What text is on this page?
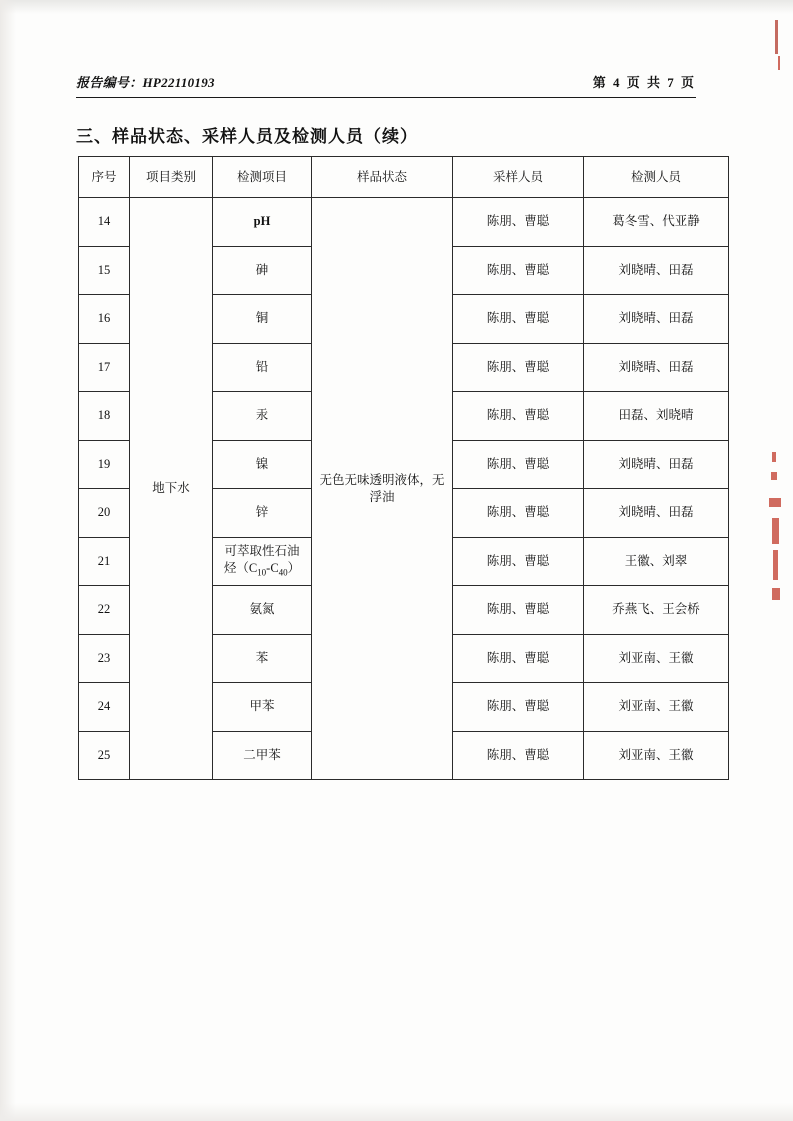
报告编号：HP22110193	第 4 页 共 7 页
三、样品状态、采样人员及检测人员（续）
序号	项目类别	检测项目	样品状态	采样人员	检测人员
14	地下水	pH	无色无味透明液体，无浮油	陈朋、曹聪	葛冬雪、代亚静
15		砷		陈朋、曹聪	刘晓晴、田磊
16		铜		陈朋、曹聪	刘晓晴、田磊
17		铅		陈朋、曹聪	刘晓晴、田磊
18		汞		陈朋、曹聪	田磊、刘晓晴
19		镍		陈朋、曹聪	刘晓晴、田磊
20		锌		陈朋、曹聪	刘晓晴、田磊
21		可萃取性石油
烃$(C_{10}-C_{40})$		陈朋、曹聪	王徽、刘翠
22		氨氮		陈朋、曹聪	乔燕飞、王会桥
23		苯		陈朋、曹聪	刘亚南、王徽
24		甲苯		陈朋、曹聪	刘亚南、王徽
25		二甲苯		陈朋、曹聪	刘亚南、王徽
